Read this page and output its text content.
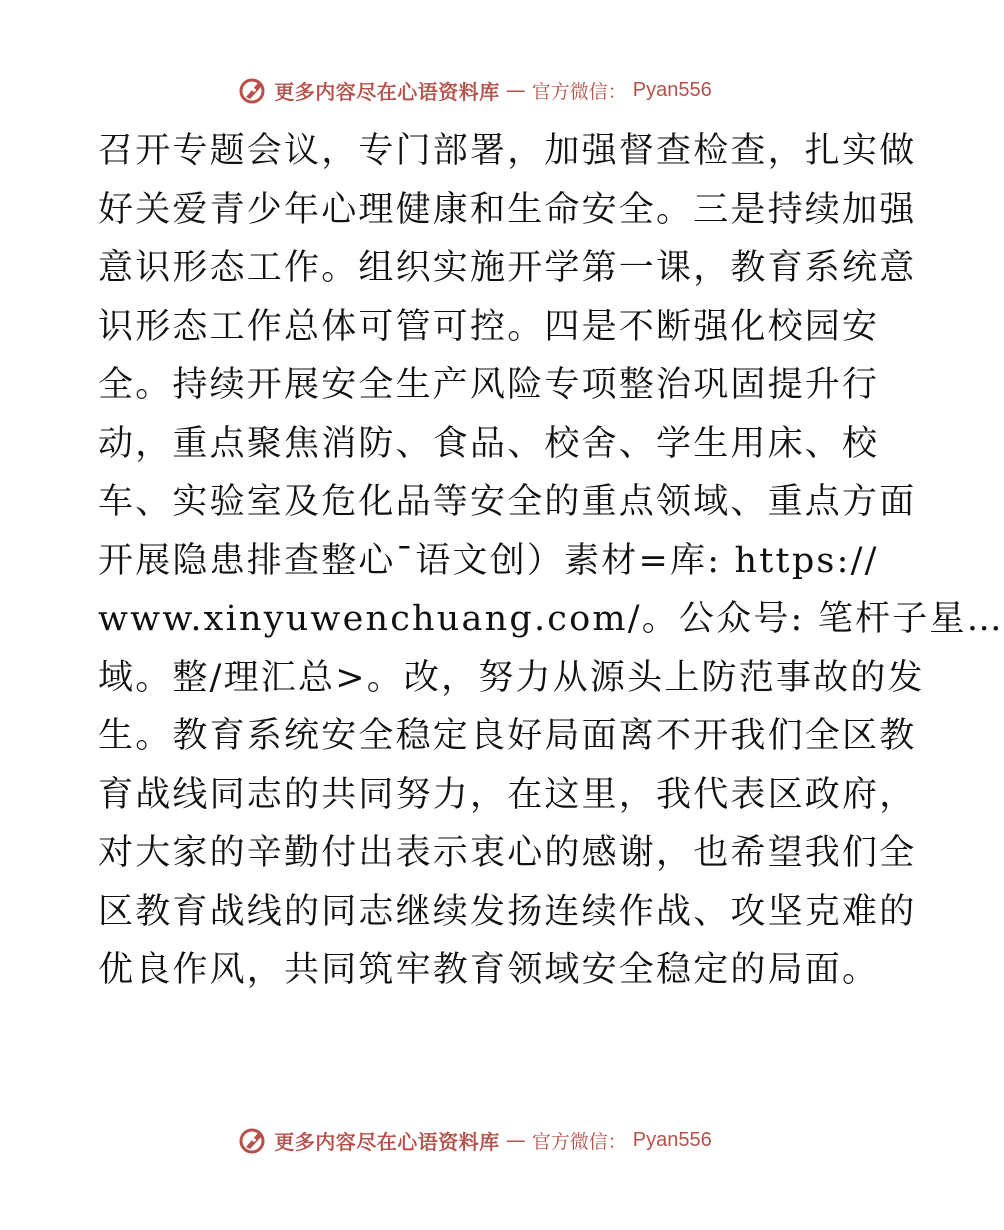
更多内容尽在心语资料库 — 官方微信： Pyan556
召开专题会议，专门部署，加强督查检查，扎实做
好关爱青少年心理健康和生命安全。三是持续加强
意识形态工作。组织实施开学第一课，教育系统意
识形态工作总体可管可控。四是不断强化校园安
全。持续开展安全生产风险专项整治巩固提升行
动，重点聚焦消防、食品、校舍、学生用床、校
车、实验室及危化品等安全的重点领域、重点方面
开展隐患排查整心¯语文创）素材=库: https://
www.xinyuwenchuang.com/。公众号: 笔杆子星…
域。整/理汇总>。改，努力从源头上防范事故的发
生。教育系统安全稳定良好局面离不开我们全区教
育战线同志的共同努力，在这里，我代表区政府，
对大家的辛勤付出表示衷心的感谢，也希望我们全
区教育战线的同志继续发扬连续作战、攻坚克难的
优良作风，共同筑牢教育领域安全稳定的局面。
更多内容尽在心语资料库 — 官方微信： Pyan556
